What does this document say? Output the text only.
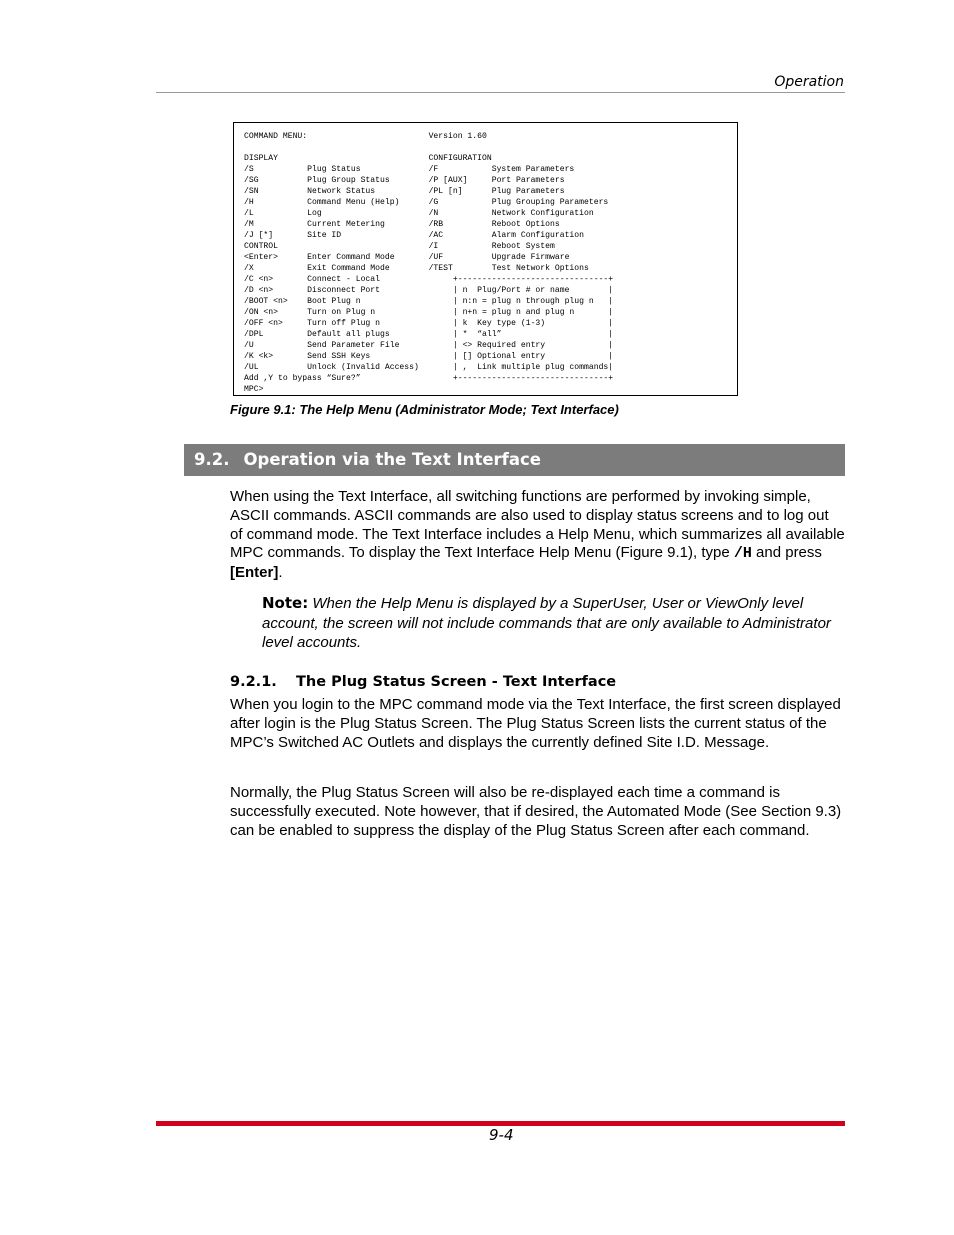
Operation
COMMAND MENU:                         Version 1.60

DISPLAY                               CONFIGURATION
/S           Plug Status              /F           System Parameters
/SG          Plug Group Status        /P [AUX]     Port Parameters
/SN          Network Status           /PL [n]      Plug Parameters
/H           Command Menu (Help)      /G           Plug Grouping Parameters
/L           Log                      /N           Network Configuration
/M           Current Metering         /RB          Reboot Options
/J [*]       Site ID                  /AC          Alarm Configuration
CONTROL                               /I           Reboot System
<Enter>      Enter Command Mode       /UF          Upgrade Firmware
/X           Exit Command Mode        /TEST        Test Network Options
/C <n>       Connect - Local               +-------------------------------+
/D <n>       Disconnect Port               | n  Plug/Port # or name        |
/BOOT <n>    Boot Plug n                   | n:n = plug n through plug n   |
/ON <n>      Turn on Plug n                | n+n = plug n and plug n       |
/OFF <n>     Turn off Plug n               | k  Key type (1-3)             |
/DPL         Default all plugs             | *  “all”                      |
/U           Send Parameter File           | <> Required entry             |
/K <k>       Send SSH Keys                 | [] Optional entry             |
/UL          Unlock (Invalid Access)       | ,  Link multiple plug commands|
Add ,Y to bypass “Sure?”                   +-------------------------------+
MPC>
Figure 9.1: The Help Menu (Administrator Mode; Text Interface)
9.2. Operation via the Text Interface

When using the Text Interface, all switching functions are performed by invoking simple, ASCII commands. ASCII commands are also used to display status screens and to log out of command mode. The Text Interface includes a Help Menu, which summarizes all available MPC commands. To display the Text Interface Help Menu (Figure 9.1), type /H and press [Enter].

Note: When the Help Menu is displayed by a SuperUser, User or ViewOnly level account, the screen will not include commands that are only available to Administrator level accounts.
9.2.1. The Plug Status Screen - Text Interface

When you login to the MPC command mode via the Text Interface, the first screen displayed after login is the Plug Status Screen. The Plug Status Screen lists the current status of the MPC’s Switched AC Outlets and displays the currently defined Site I.D. Message.

Normally, the Plug Status Screen will also be re-displayed each time a command is successfully executed. Note however, that if desired, the Automated Mode (See Section 9.3) can be enabled to suppress the display of the Plug Status Screen after each command.

9-4
